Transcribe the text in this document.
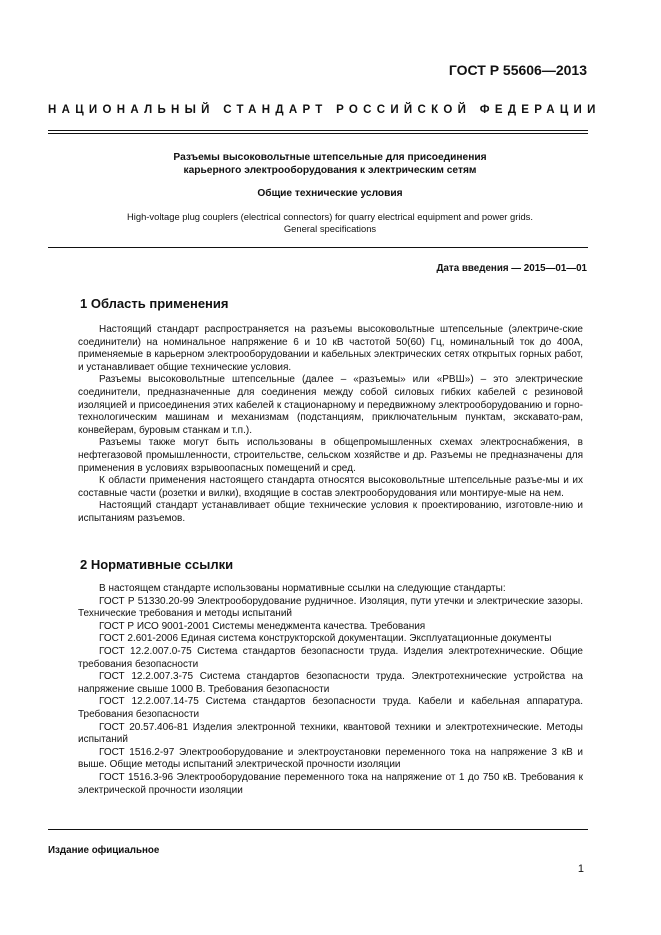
ГОСТ Р 55606—2013
НАЦИОНАЛЬНЫЙ СТАНДАРТ РОССИЙСКОЙ ФЕДЕРАЦИИ
Разъемы высоковольтные штепсельные для присоединения
карьерного электрооборудования к электрическим сетям
Общие технические условия
High-voltage plug couplers (electrical connectors) for quarry electrical equipment and power grids.
General specifications
Дата введения — 2015—01—01
1 Область применения

Настоящий стандарт распространяется на разъемы высоковольтные штепсельные (электриче-ские соединители) на номинальное напряжение 6 и 10 кВ частотой 50(60) Гц, номинальный ток до 400А, применяемые в карьерном электрооборудовании и кабельных электрических сетях открытых горных работ, и устанавливает общие технические условия.

Разъемы высоковольтные штепсельные (далее – «разъемы» или «РВШ») – это электрические соединители, предназначенные для соединения между собой силовых гибких кабелей с резиновой изоляцией и присоединения этих кабелей к стационарному и передвижному электрооборудованию и горно-технологическим машинам и механизмам (подстанциям, приключательным пунктам, экскавато-рам, конвейерам, буровым станкам и т.п.).

Разъемы также могут быть использованы в общепромышленных схемах электроснабжения, в нефтегазовой промышленности, строительстве, сельском хозяйстве и др. Разъемы не предназначены для применения в условиях взрывоопасных помещений и сред.

К области применения настоящего стандарта относятся высоковольтные штепсельные разъе-мы и их составные части (розетки и вилки), входящие в состав электрооборудования или монтируе-мые на нем.

Настоящий стандарт устанавливает общие технические условия к проектированию, изготовле-нию и испытаниям разъемов.

2 Нормативные ссылки

В настоящем стандарте использованы нормативные ссылки на следующие стандарты:

ГОСТ Р 51330.20-99 Электрооборудование рудничное. Изоляция, пути утечки и электрические зазоры. Технические требования и методы испытаний

ГОСТ Р ИСО 9001-2001 Системы менеджмента качества. Требования

ГОСТ 2.601-2006 Единая система конструкторской документации. Эксплуатационные документы

ГОСТ 12.2.007.0-75 Система стандартов безопасности труда. Изделия электротехнические. Общие требования безопасности

ГОСТ 12.2.007.3-75 Система стандартов безопасности труда. Электротехнические устройства на напряжение свыше 1000 В. Требования безопасности

ГОСТ 12.2.007.14-75 Система стандартов безопасности труда. Кабели и кабельная аппаратура. Требования безопасности

ГОСТ 20.57.406-81 Изделия электронной техники, квантовой техники и электротехнические. Методы испытаний

ГОСТ 1516.2-97 Электрооборудование и электроустановки переменного тока на напряжение 3 кВ и выше. Общие методы испытаний электрической прочности изоляции

ГОСТ 1516.3-96 Электрооборудование переменного тока на напряжение от 1 до 750 кВ. Требования к электрической прочности изоляции

Издание официальное
1
